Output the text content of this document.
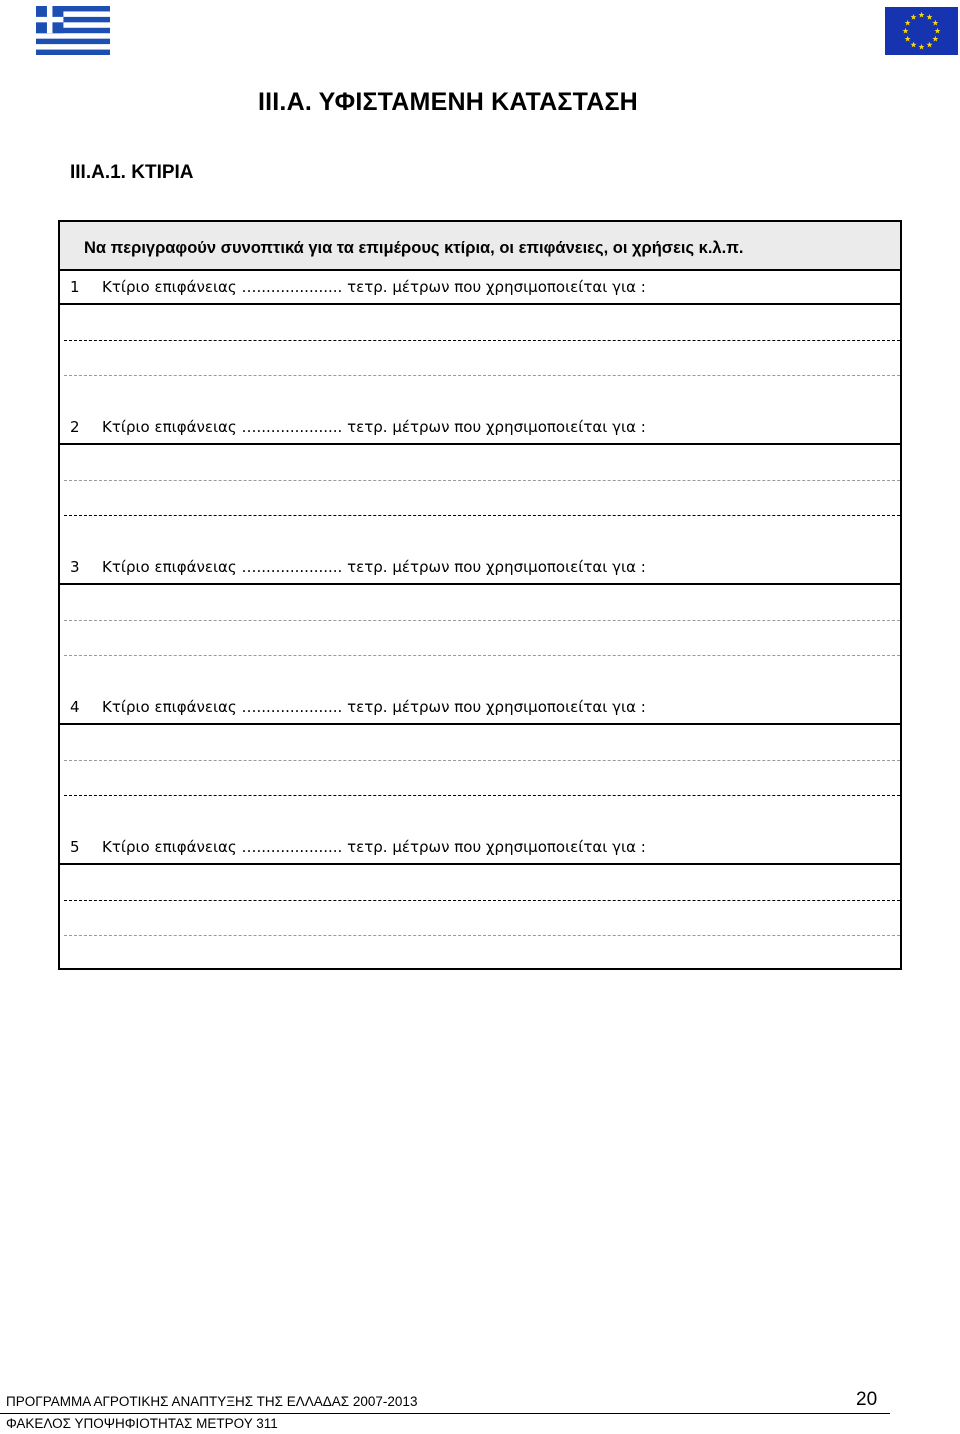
III.Α. ΥΦΙΣΤΑΜΕΝΗ ΚΑΤΑΣΤΑΣΗ
III.Α.1. ΚΤΙΡΙΑ
Να περιγραφούν συνοπτικά για τα επιμέρους κτίρια, οι επιφάνειες, οι χρήσεις κ.λ.π.
1	Κτίριο επιφάνειας ….................. τετρ. μέτρων που χρησιμοποιείται για :
2	Κτίριο επιφάνειας ….................. τετρ. μέτρων που χρησιμοποιείται για :
3	Κτίριο επιφάνειας ….................. τετρ. μέτρων που χρησιμοποιείται για :
4	Κτίριο επιφάνειας ….................. τετρ. μέτρων που χρησιμοποιείται για :
5	Κτίριο επιφάνειας ….................. τετρ. μέτρων που χρησιμοποιείται για :
ΠΡΟΓΡΑΜΜΑ ΑΓΡΟΤΙΚΗΣ ΑΝΑΠΤΥΞΗΣ ΤΗΣ ΕΛΛΑΔΑΣ 2007-2013	20
ΦΑΚΕΛΟΣ ΥΠΟΨΗΦΙΟΤΗΤΑΣ ΜΕΤΡΟΥ 311
